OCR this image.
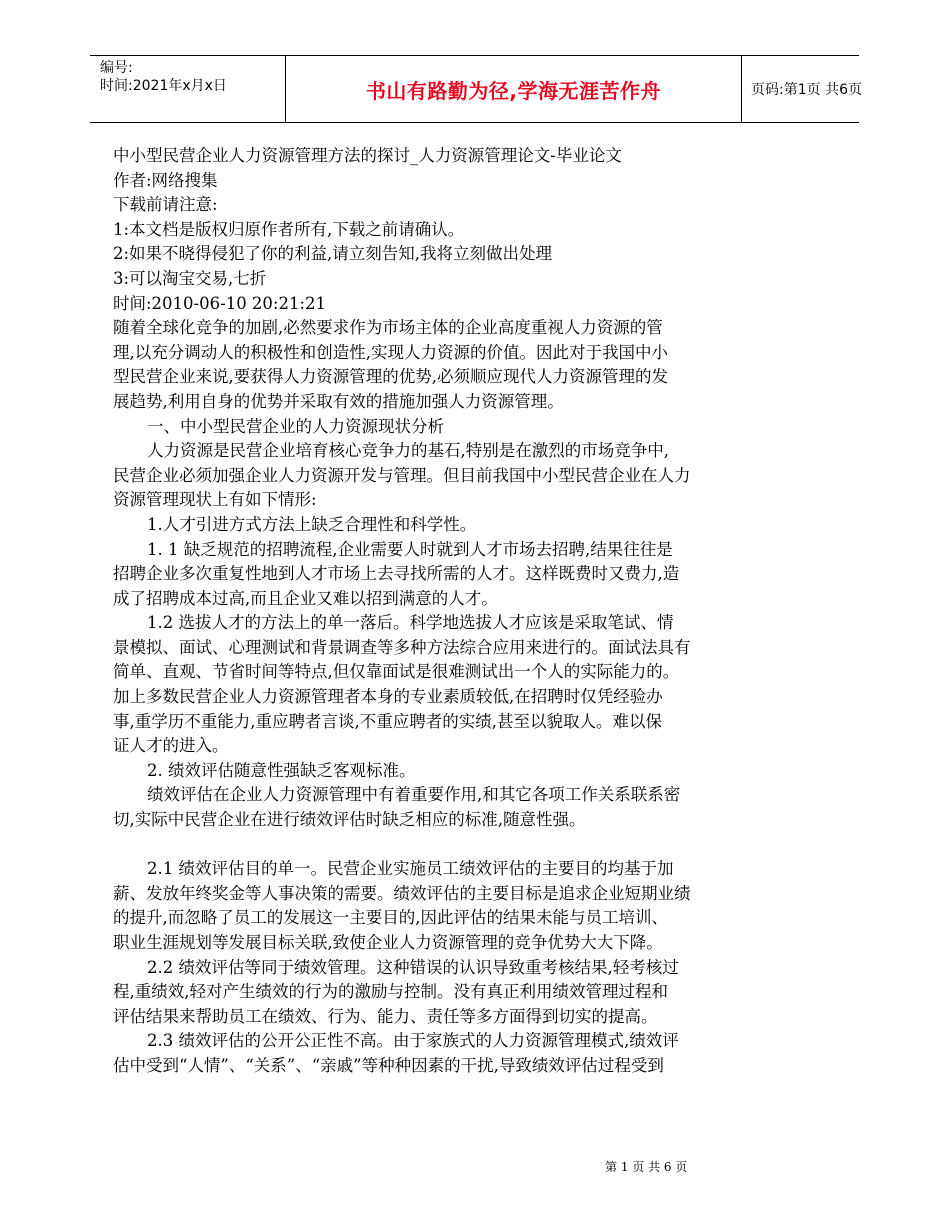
编号:
时间:2021年x月x日	书山有路勤为径,学海无涯苦作舟	页码:第1页 共6页
中小型民营企业人力资源管理方法的探讨_人力资源管理论文-毕业论文
作者:网络搜集
下载前请注意:
1:本文档是版权归原作者所有,下载之前请确认。
2:如果不晓得侵犯了你的利益,请立刻告知,我将立刻做出处理
3:可以淘宝交易,七折
时间:2010-06-10 20:21:21
随着全球化竞争的加剧,必然要求作为市场主体的企业高度重视人力资源的管
理,以充分调动人的积极性和创造性,实现人力资源的价值。因此对于我国中小
型民营企业来说,要获得人力资源管理的优势,必须顺应现代人力资源管理的发
展趋势,利用自身的优势并采取有效的措施加强人力资源管理。
一、中小型民营企业的人力资源现状分析
人力资源是民营企业培育核心竞争力的基石,特别是在激烈的市场竞争中,
民营企业必须加强企业人力资源开发与管理。但目前我国中小型民营企业在人力
资源管理现状上有如下情形:
1.人才引进方式方法上缺乏合理性和科学性。
1. 1 缺乏规范的招聘流程,企业需要人时就到人才市场去招聘,结果往往是
招聘企业多次重复性地到人才市场上去寻找所需的人才。这样既费时又费力,造
成了招聘成本过高,而且企业又难以招到满意的人才。
1.2 选拔人才的方法上的单一落后。科学地选拔人才应该是采取笔试、情
景模拟、面试、心理测试和背景调查等多种方法综合应用来进行的。面试法具有
简单、直观、节省时间等特点,但仅靠面试是很难测试出一个人的实际能力的。
加上多数民营企业人力资源管理者本身的专业素质较低,在招聘时仅凭经验办
事,重学历不重能力,重应聘者言谈,不重应聘者的实绩,甚至以貌取人。难以保
证人才的进入。
2. 绩效评估随意性强缺乏客观标准。
绩效评估在企业人力资源管理中有着重要作用,和其它各项工作关系联系密
切,实际中民营企业在进行绩效评估时缺乏相应的标准,随意性强。
2.1 绩效评估目的单一。民营企业实施员工绩效评估的主要目的均基于加
薪、发放年终奖金等人事决策的需要。绩效评估的主要目标是追求企业短期业绩
的提升,而忽略了员工的发展这一主要目的,因此评估的结果未能与员工培训、
职业生涯规划等发展目标关联,致使企业人力资源管理的竞争优势大大下降。
2.2 绩效评估等同于绩效管理。这种错误的认识导致重考核结果,轻考核过
程,重绩效,轻对产生绩效的行为的激励与控制。没有真正利用绩效管理过程和
评估结果来帮助员工在绩效、行为、能力、责任等多方面得到切实的提高。
2.3 绩效评估的公开公正性不高。由于家族式的人力资源管理模式,绩效评
估中受到“人情”、“关系”、“亲戚”等种种因素的干扰,导致绩效评估过程受到
第 1 页 共 6 页
